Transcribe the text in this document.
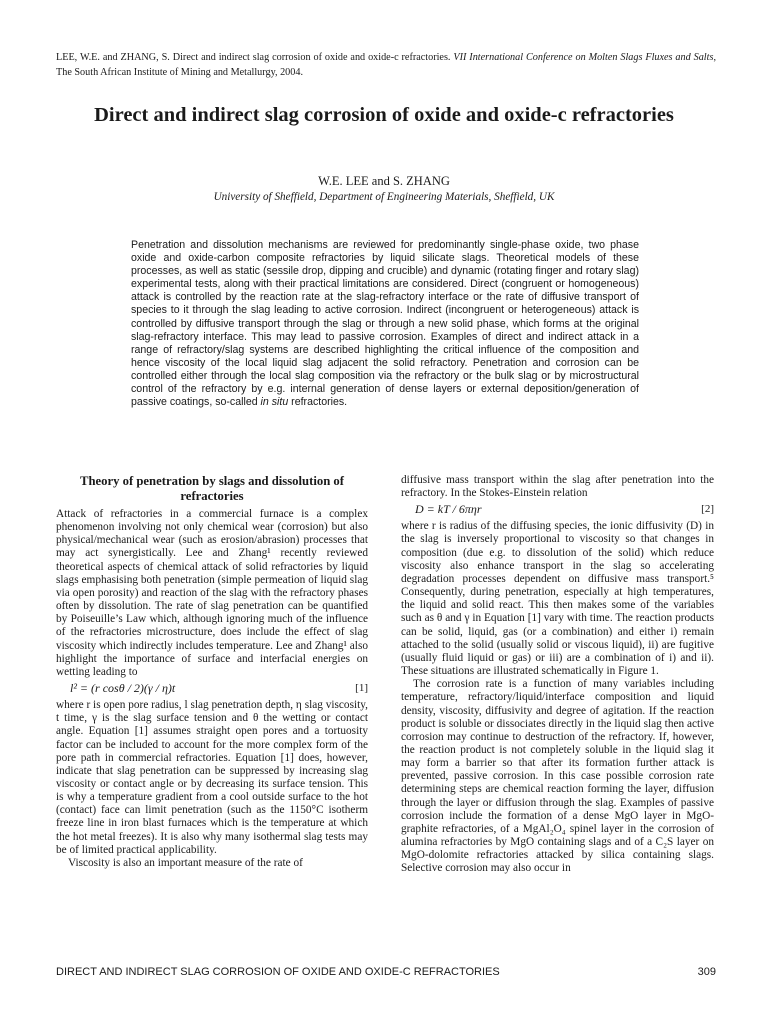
LEE, W.E. and ZHANG, S. Direct and indirect slag corrosion of oxide and oxide-c refractories. VII International Conference on Molten Slags Fluxes and Salts, The South African Institute of Mining and Metallurgy, 2004.
Direct and indirect slag corrosion of oxide and oxide-c refractories
W.E. LEE and S. ZHANG
University of Sheffield, Department of Engineering Materials, Sheffield, UK
Penetration and dissolution mechanisms are reviewed for predominantly single-phase oxide, two phase oxide and oxide-carbon composite refractories by liquid silicate slags. Theoretical models of these processes, as well as static (sessile drop, dipping and crucible) and dynamic (rotating finger and rotary slag) experimental tests, along with their practical limitations are considered. Direct (congruent or homogeneous) attack is controlled by the reaction rate at the slag-refractory interface or the rate of diffusive transport of species to it through the slag leading to active corrosion. Indirect (incongruent or heterogeneous) attack is controlled by diffusive transport through the slag or through a new solid phase, which forms at the original slag-refractory interface. This may lead to passive corrosion. Examples of direct and indirect attack in a range of refractory/slag systems are described highlighting the critical influence of the composition and hence viscosity of the local liquid slag adjacent the solid refractory. Penetration and corrosion can be controlled either through the local slag composition via the refractory or the bulk slag or by microstructural control of the refractory by e.g. internal generation of dense layers or external deposition/generation of passive coatings, so-called in situ refractories.
Theory of penetration by slags and dissolution of refractories

Attack of refractories in a commercial furnace is a complex phenomenon involving not only chemical wear (corrosion) but also physical/mechanical wear (such as erosion/abrasion) processes that may act synergistically. Lee and Zhang¹ recently reviewed theoretical aspects of chemical attack of solid refractories by liquid slags emphasising both penetration (simple permeation of liquid slag via open porosity) and reaction of the slag with the refractory phases often by dissolution. The rate of slag penetration can be quantified by Poiseuille’s Law which, although ignoring much of the influence of the refractories microstructure, does include the effect of slag viscosity which indirectly includes temperature. Lee and Zhang¹ also highlight the importance of surface and interfacial energies on wetting leading to

l² = (r cosθ / 2)(γ / η)t	[1]

where r is open pore radius, l slag penetration depth, η slag viscosity, t time, γ is the slag surface tension and θ the wetting or contact angle. Equation [1] assumes straight open pores and a tortuosity factor can be included to account for the more complex form of the pore path in commercial refractories. Equation [1] does, however, indicate that slag penetration can be suppressed by increasing slag viscosity or contact angle or by decreasing its surface tension. This is why a temperature gradient from a cool outside surface to the hot (contact) face can limit penetration (such as the 1150°C isotherm freeze line in iron blast furnaces which is the temperature at which the hot metal freezes). It is also why many isothermal slag tests may be of limited practical applicability.

Viscosity is also an important measure of the rate of

diffusive mass transport within the slag after penetration into the refractory. In the Stokes-Einstein relation

D = kT / 6πηr	[2]

where r is radius of the diffusing species, the ionic diffusivity (D) in the slag is inversely proportional to viscosity so that changes in composition (due e.g. to dissolution of the solid) which reduce viscosity also enhance transport in the slag so accelerating degradation processes dependent on diffusive mass transport.⁵ Consequently, during penetration, especially at high temperatures, the liquid and solid react. This then makes some of the variables such as θ and γ in Equation [1] vary with time. The reaction products can be solid, liquid, gas (or a combination) and either i) remain attached to the solid (usually solid or viscous liquid), ii) are fugitive (usually fluid liquid or gas) or iii) are a combination of i) and ii). These situations are illustrated schematically in Figure 1.

The corrosion rate is a function of many variables including temperature, refractory/liquid/interface composition and liquid density, viscosity, diffusivity and degree of agitation. If the reaction product is soluble or dissociates directly in the liquid slag then active corrosion may continue to destruction of the refractory. If, however, the reaction product is not completely soluble in the liquid slag it may form a barrier so that after its formation further attack is prevented, passive corrosion. In this case possible corrosion rate determining steps are chemical reaction forming the layer, diffusion through the layer or diffusion through the slag. Examples of passive corrosion include the formation of a dense MgO layer in MgO-graphite refractories, of a MgAl₂O₄ spinel layer in the corrosion of alumina refractories by MgO containing slags and of a C₂S layer on MgO-dolomite refractories attacked by silica containing slags. Selective corrosion may also occur in

DIRECT AND INDIRECT SLAG CORROSION OF OXIDE AND OXIDE-C REFRACTORIES	309
